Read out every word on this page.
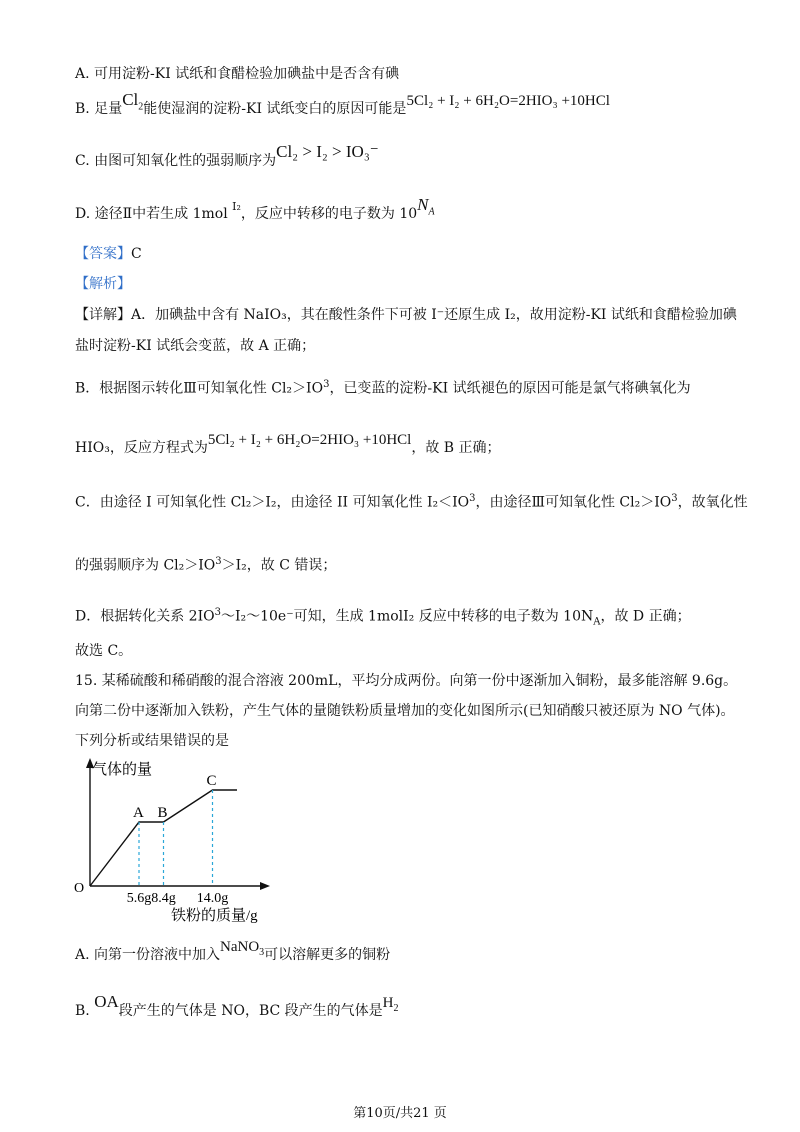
A. 可用淀粉-KI 试纸和食醋检验加碘盐中是否含有碘
B. 足量$Cl_2$能使湿润的淀粉-KI 试纸变白的原因可能是5Cl₂ + I₂ + 6H₂O=2HIO₃ +10HCl
C. 由图可知氧化性的强弱顺序为Cl₂ > I₂ > IO₃⁻
D. 途径Ⅱ中若生成 1mol $^{I_2}$，反应中转移的电子数为 $10N_A$
【答案】C
【解析】
【详解】A．加碘盐中含有 NaIO₃，其在酸性条件下可被 I⁻还原生成 I₂，故用淀粉-KI 试纸和食醋检验加碘
盐时淀粉-KI 试纸会变蓝，故 A 正确；
B．根据图示转化Ⅲ可知氧化性 $Cl_2>IO^3$，已变蓝的淀粉-KI 试纸褪色的原因可能是氯气将碘氧化为
HIO₃，反应方程式为5Cl₂ + I₂ + 6H₂O=2HIO₃ +10HCl，故 B 正确；
C．由途径 I 可知氧化性 Cl₂＞I₂，由途径 II 可知氧化性 $I_2<IO^3$，由途径Ⅲ可知氧化性 $Cl_2>IO^3$，故氧化性
的强弱顺序为 $Cl_2>IO^3>I_2$，故 C 错误；
D．根据转化关系 $2IO^3\sim I_2\sim 10e^-$可知，生成 1molI₂ 反应中转移的电子数为 $10N_A$，故 D 正确；
故选 C。
15. 某稀硫酸和稀硝酸的混合溶液 200mL，平均分成两份。向第一份中逐渐加入铜粉，最多能溶解 9.6g。
向第二份中逐渐加入铁粉，产生气体的量随铁粉质量增加的变化如图所示(已知硝酸只被还原为 NO 气体)。
下列分析或结果错误的是
气体的量
O
铁粉的质量/g
A
5.6g
B
8.4g
C
14.0g
A. 向第一份溶液中加入NaNO$_3$可以溶解更多的铜粉
B. OA段产生的气体是 NO，BC 段产生的气体是$H_2$
第10页/共21 页
